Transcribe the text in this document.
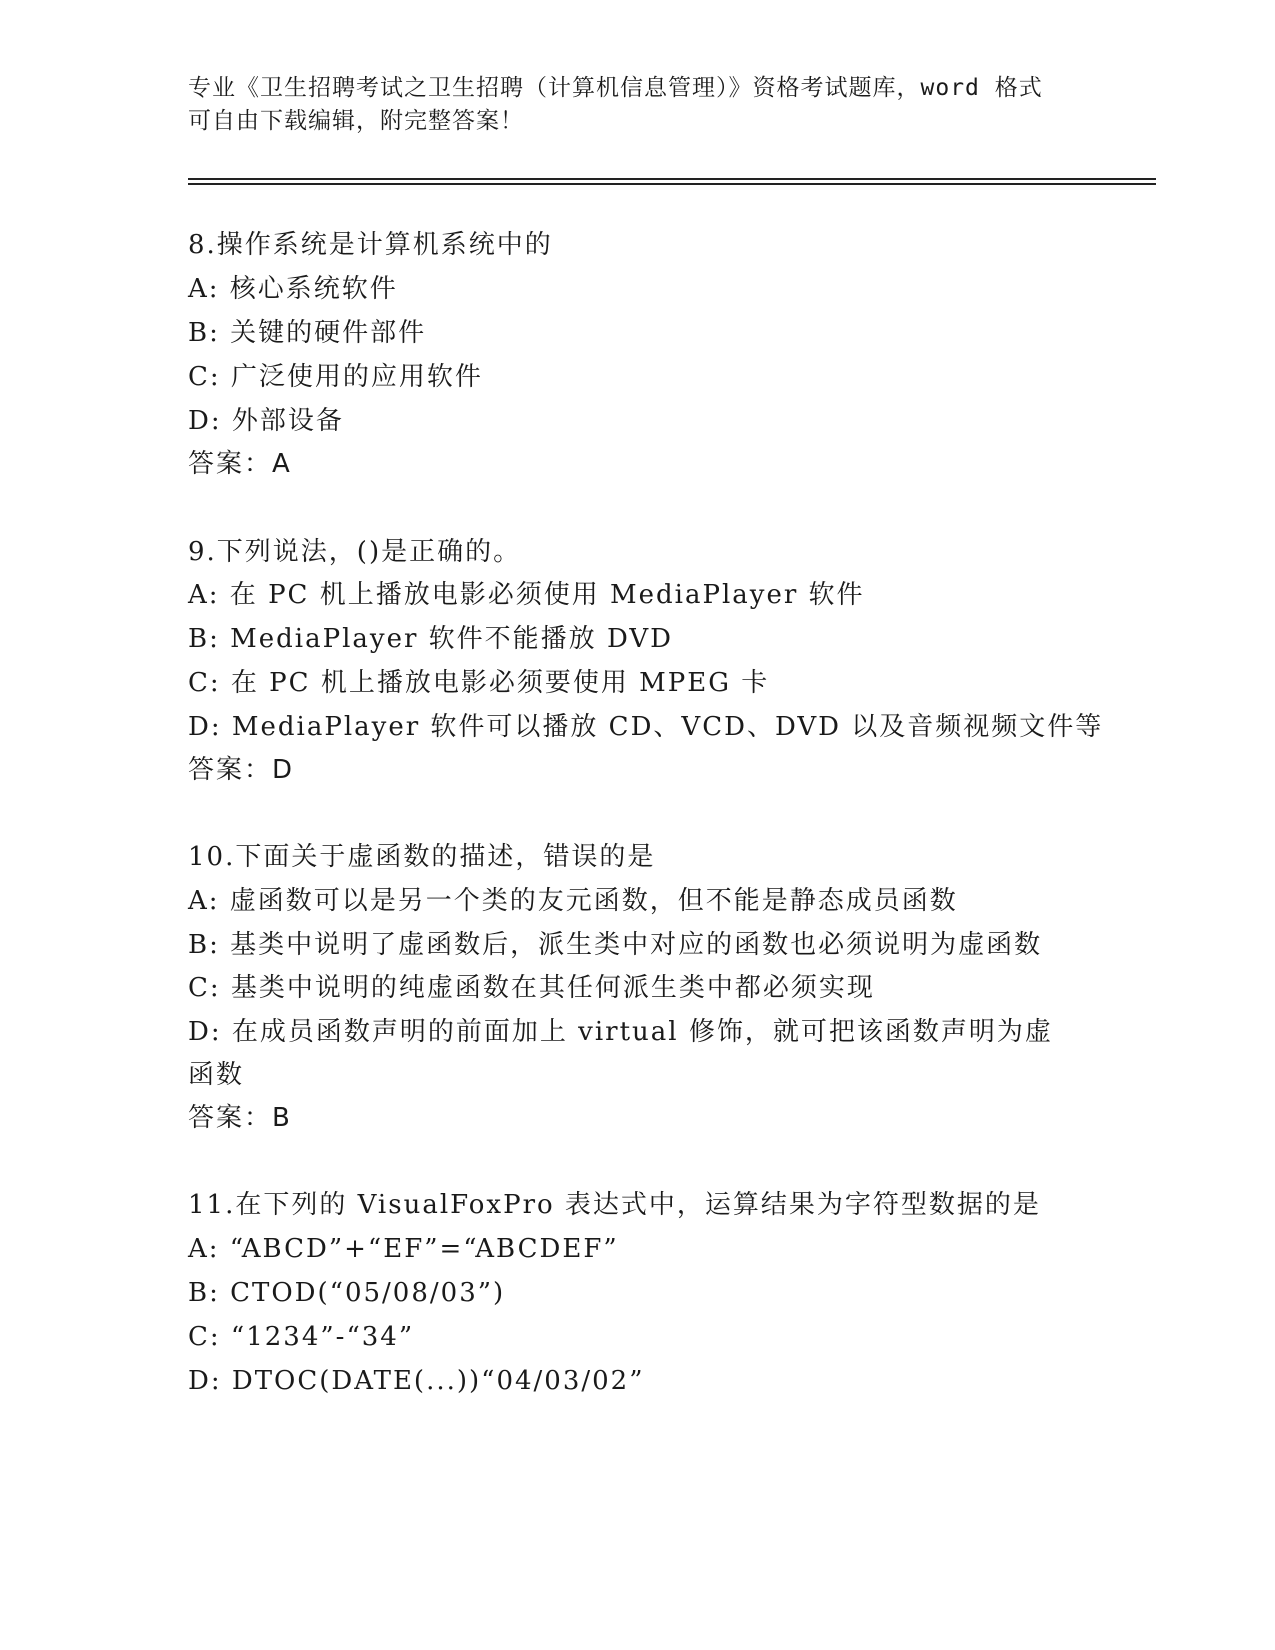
专业《卫生招聘考试之卫生招聘（计算机信息管理）》资格考试题库，word 格式
可自由下载编辑，附完整答案！
8.操作系统是计算机系统中的
A: 核心系统软件
B: 关键的硬件部件
C: 广泛使用的应用软件
D: 外部设备
答案：A
9.下列说法，()是正确的。
A: 在 PC 机上播放电影必须使用 MediaPlayer 软件
B: MediaPlayer 软件不能播放 DVD
C: 在 PC 机上播放电影必须要使用 MPEG 卡
D: MediaPlayer 软件可以播放 CD、VCD、DVD 以及音频视频文件等
答案：D
10.下面关于虚函数的描述，错误的是
A: 虚函数可以是另一个类的友元函数，但不能是静态成员函数
B: 基类中说明了虚函数后，派生类中对应的函数也必须说明为虚函数
C: 基类中说明的纯虚函数在其任何派生类中都必须实现
D: 在成员函数声明的前面加上 virtual 修饰，就可把该函数声明为虚
函数
答案：B
11.在下列的 VisualFoxPro 表达式中，运算结果为字符型数据的是
A: “ABCD”+“EF”=“ABCDEF”
B: CTOD(“05/08/03”)
C: “1234”-“34”
D: DTOC(DATE(...))“04/03/02”
